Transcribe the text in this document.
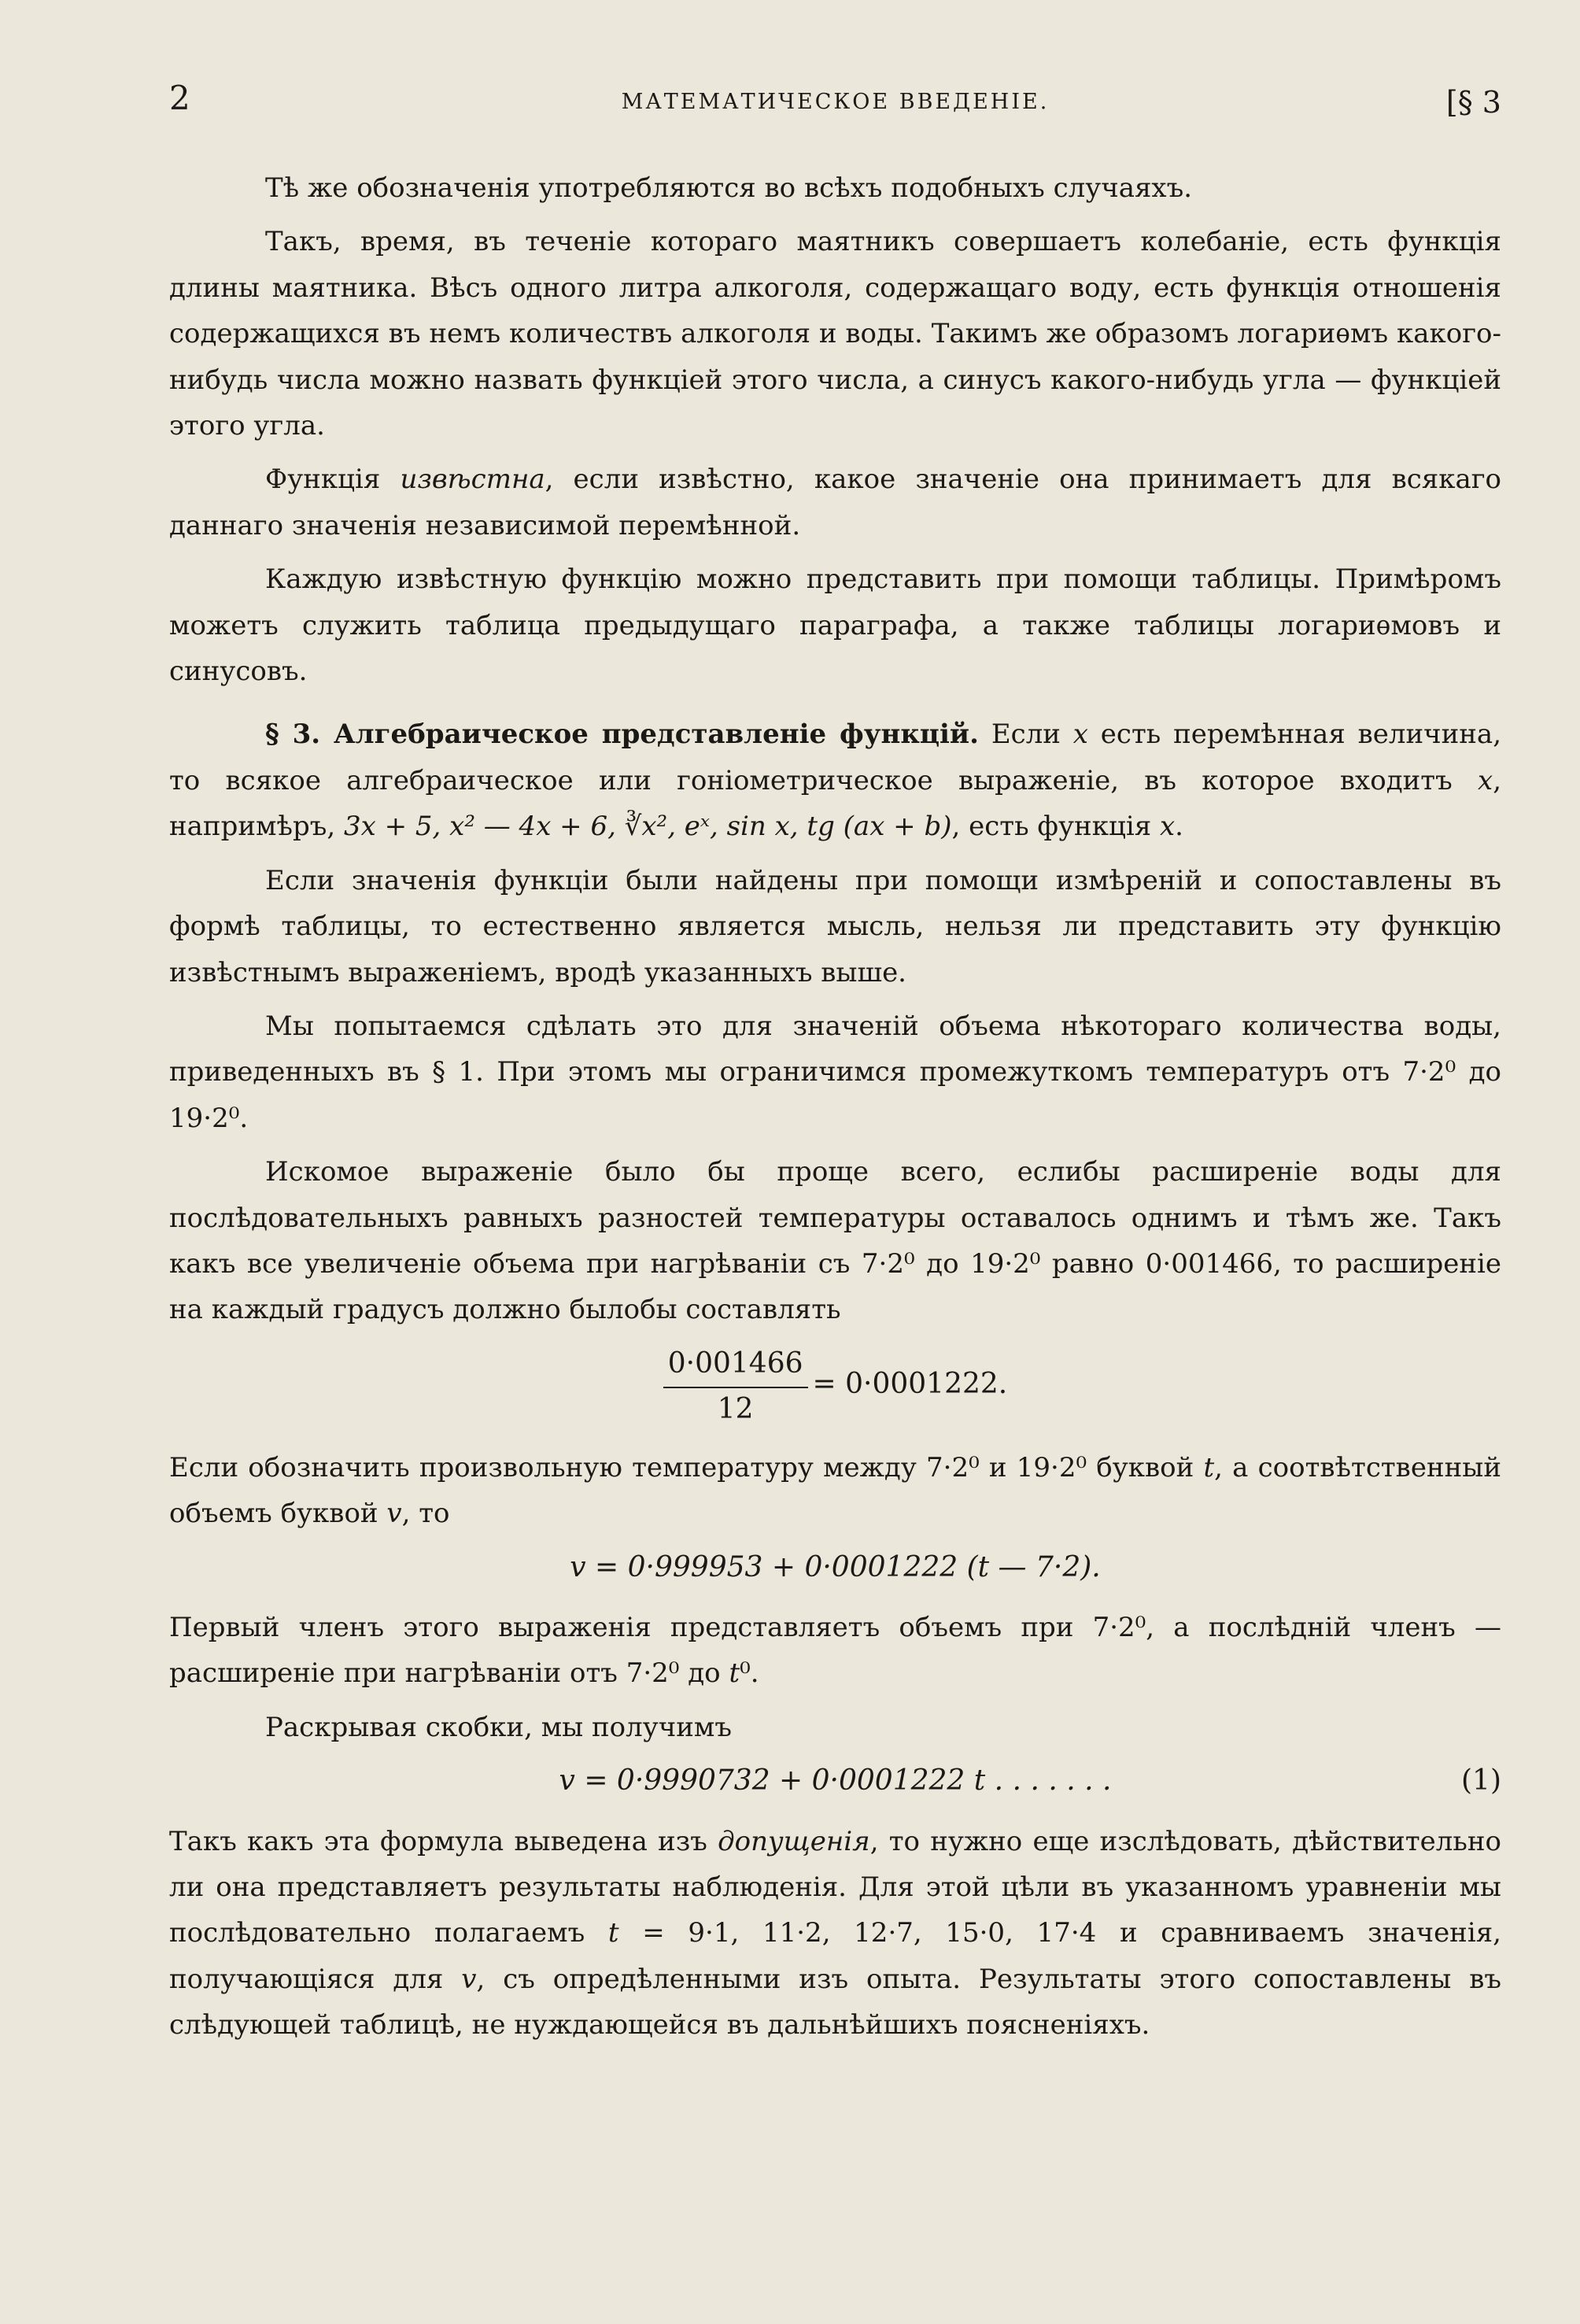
2	МАТЕМАТИЧЕСКОЕ ВВЕДЕНІЕ.	[§ 3

Тѣ же обозначенія употребляются во всѣхъ подобныхъ случаяхъ.

Такъ, время, въ теченіе котораго маятникъ совершаетъ колебаніе, есть функція длины маятника. Вѣсъ одного литра алкоголя, содержащаго воду, есть функція отношенія содержащихся въ немъ количествъ алкоголя и воды. Такимъ же образомъ логариѳмъ какого-нибудь числа можно назвать функціей этого числа, а синусъ какого-нибудь угла — функціей этого угла.

Функція извѣстна, если извѣстно, какое значеніе она принимаетъ для всякаго даннаго значенія независимой перемѣнной.

Каждую извѣстную функцію можно представить при помощи таблицы. Примѣромъ можетъ служить таблица предыдущаго параграфа, а также таблицы логариѳмовъ и синусовъ.

§ 3. Алгебраическое представленіе функцій. Если x есть перемѣнная величина, то всякое алгебраическое или гоніометрическое выраженіе, въ которое входитъ x, напримѣръ, 3x + 5, x² — 4x + 6, ∛x², eˣ, sin x, tg (ax + b), есть функція x.

Если значенія функціи были найдены при помощи измѣреній и сопоставлены въ формѣ таблицы, то естественно является мысль, нельзя ли представить эту функцію извѣстнымъ выраженіемъ, вродѣ указанныхъ выше.

Мы попытаемся сдѣлать это для значеній объема нѣкотораго количества воды, приведенныхъ въ § 1. При этомъ мы ограничимся промежуткомъ температуръ отъ 7·2⁰ до 19·2⁰.

Искомое выраженіе было бы проще всего, еслибы расширеніе воды для послѣдовательныхъ равныхъ разностей температуры оставалось однимъ и тѣмъ же. Такъ какъ все увеличеніе объема при нагрѣваніи съ 7·2⁰ до 19·2⁰ равно 0·001466, то расширеніе на каждый градусъ должно былобы составлять

$\frac{0\cdot 001466}{12} = 0\cdot 0001222$.

Если обозначить произвольную температуру между 7·2⁰ и 19·2⁰ буквой t, а соотвѣтственный объемъ буквой v, то

v = 0·999953 + 0·0001222 (t — 7·2).

Первый членъ этого выраженія представляетъ объемъ при 7·2⁰, а послѣдній членъ — расширеніе при нагрѣваніи отъ 7·2⁰ до t⁰.

Раскрывая скобки, мы получимъ

v = 0·9990732 + 0·0001222 t . . . . . . .	(1)

Такъ какъ эта формула выведена изъ допущенія, то нужно еще изслѣдовать, дѣйствительно ли она представляетъ результаты наблюденія. Для этой цѣли въ указанномъ уравненіи мы послѣдовательно полагаемъ t = 9·1, 11·2, 12·7, 15·0, 17·4 и сравниваемъ значенія, получающіяся для v, съ опредѣленными изъ опыта. Результаты этого сопоставлены въ слѣдующей таблицѣ, не нуждающейся въ дальнѣйшихъ поясненіяхъ.
